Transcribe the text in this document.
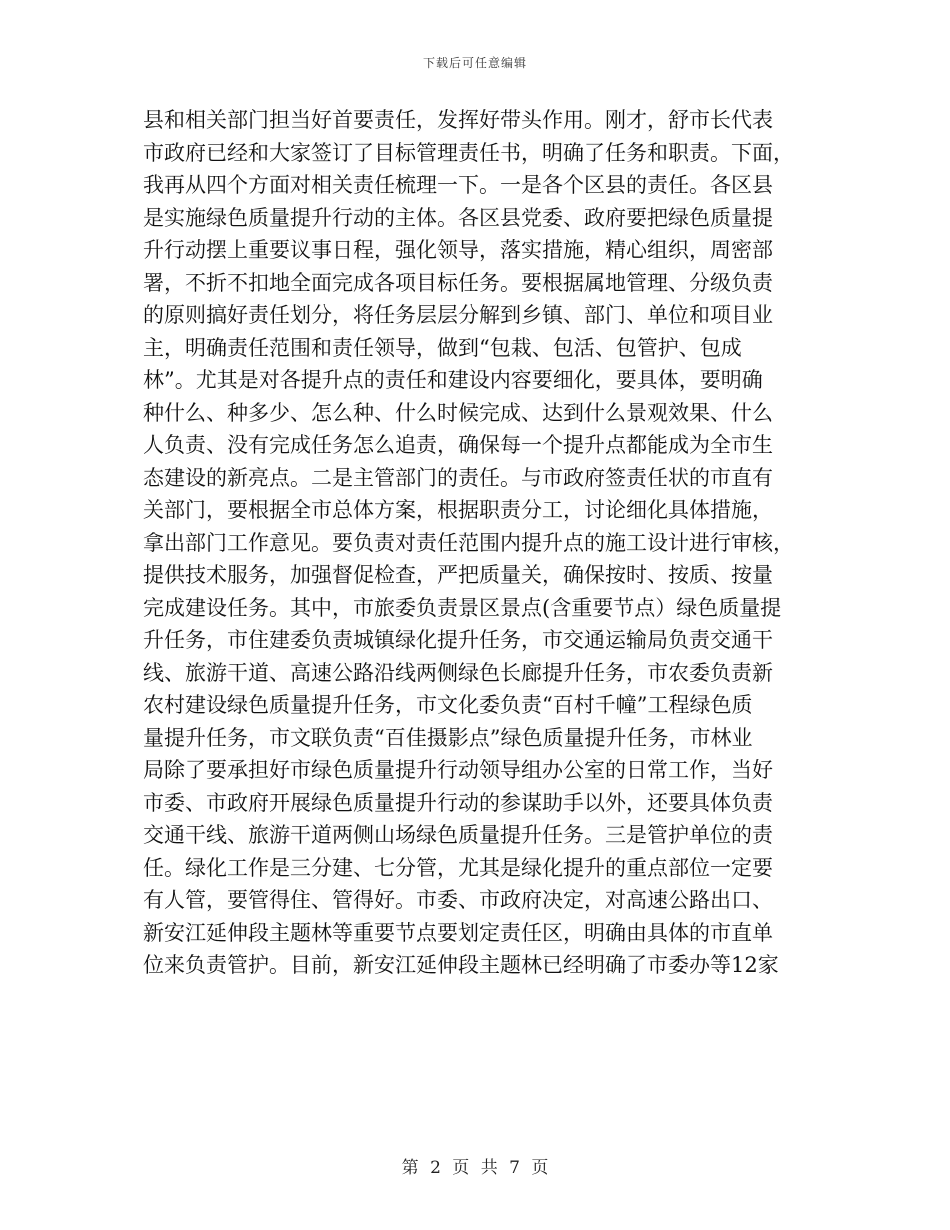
下载后可任意编辑
县和相关部门担当好首要责任，发挥好带头作用。刚才，舒市长代表
市政府已经和大家签订了目标管理责任书，明确了任务和职责。下面，
我再从四个方面对相关责任梳理一下。一是各个区县的责任。各区县
是实施绿色质量提升行动的主体。各区县党委、政府要把绿色质量提
升行动摆上重要议事日程，强化领导，落实措施，精心组织，周密部
署，不折不扣地全面完成各项目标任务。要根据属地管理、分级负责
的原则搞好责任划分，将任务层层分解到乡镇、部门、单位和项目业
主，明确责任范围和责任领导，做到“包栽、包活、包管护、包成
林”。尤其是对各提升点的责任和建设内容要细化，要具体，要明确
种什么、种多少、怎么种、什么时候完成、达到什么景观效果、什么
人负责、没有完成任务怎么追责，确保每一个提升点都能成为全市生
态建设的新亮点。二是主管部门的责任。与市政府签责任状的市直有
关部门，要根据全市总体方案，根据职责分工，讨论细化具体措施，
拿出部门工作意见。要负责对责任范围内提升点的施工设计进行审核，
提供技术服务，加强督促检查，严把质量关，确保按时、按质、按量
完成建设任务。其中，市旅委负责景区景点(含重要节点）绿色质量提
升任务，市住建委负责城镇绿化提升任务，市交通运输局负责交通干
线、旅游干道、高速公路沿线两侧绿色长廊提升任务，市农委负责新
农村建设绿色质量提升任务，市文化委负责“百村千幢”工程绿色质
量提升任务，市文联负责“百佳摄影点”绿色质量提升任务，市林业
局除了要承担好市绿色质量提升行动领导组办公室的日常工作，当好
市委、市政府开展绿色质量提升行动的参谋助手以外，还要具体负责
交通干线、旅游干道两侧山场绿色质量提升任务。三是管护单位的责
任。绿化工作是三分建、七分管，尤其是绿化提升的重点部位一定要
有人管，要管得住、管得好。市委、市政府决定，对高速公路出口、
新安江延伸段主题林等重要节点要划定责任区，明确由具体的市直单
位来负责管护。目前，新安江延伸段主题林已经明确了市委办等12家
第 2 页 共 7 页
